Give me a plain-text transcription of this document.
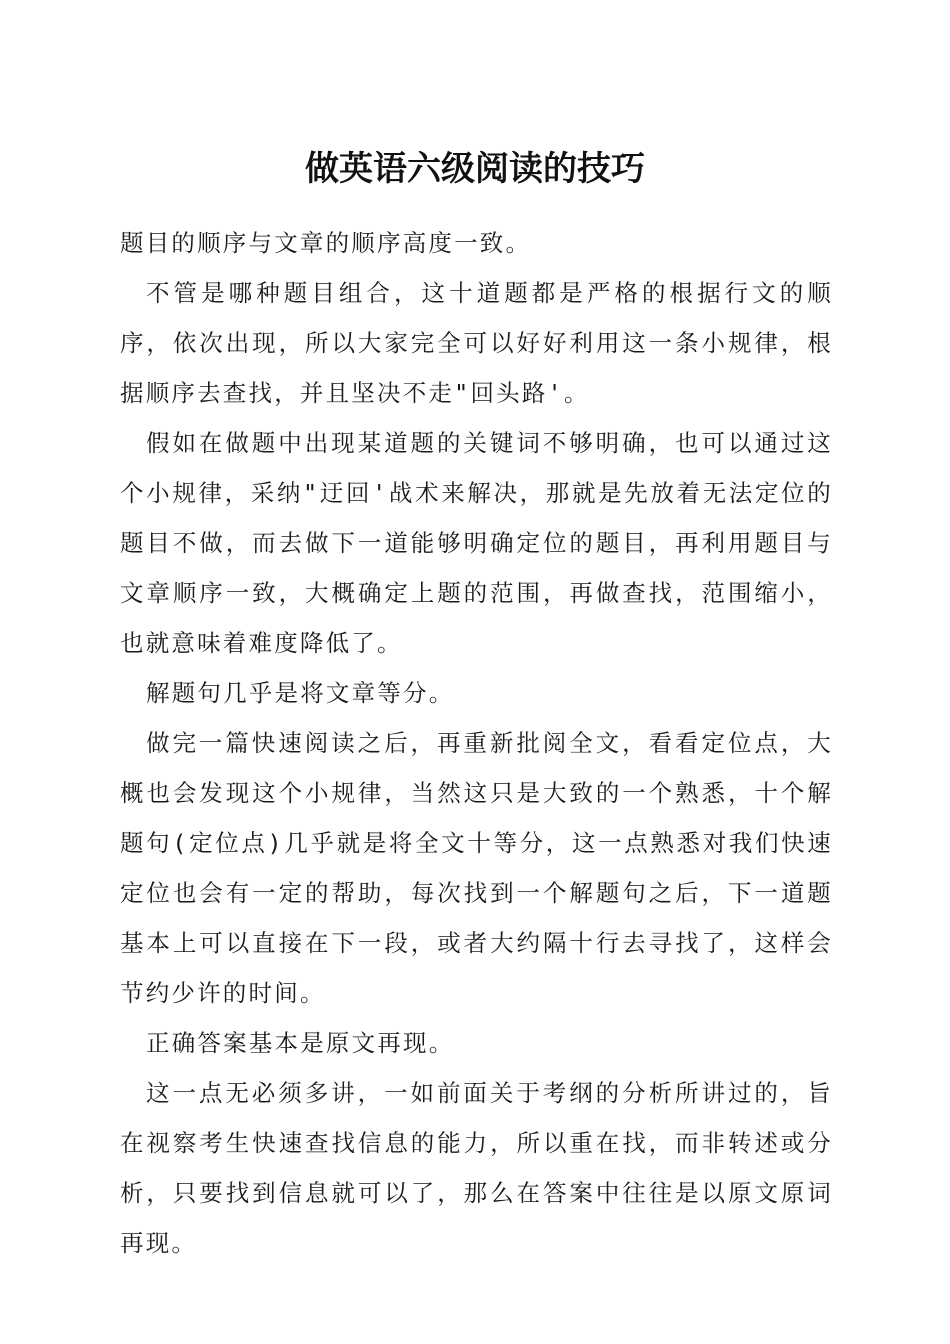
做英语六级阅读的技巧

题目的顺序与文章的顺序高度一致。

不管是哪种题目组合，这十道题都是严格的根据行文的顺序，依次出现，所以大家完全可以好好利用这一条小规律，根据顺序去查找，并且坚决不走"回头路'。

假如在做题中出现某道题的关键词不够明确，也可以通过这个小规律，采纳"迂回'战术来解决，那就是先放着无法定位的题目不做，而去做下一道能够明确定位的题目，再利用题目与文章顺序一致，大概确定上题的范围，再做查找，范围缩小，也就意味着难度降低了。

解题句几乎是将文章等分。

做完一篇快速阅读之后，再重新批阅全文，看看定位点，大概也会发现这个小规律，当然这只是大致的一个熟悉，十个解题句(定位点)几乎就是将全文十等分，这一点熟悉对我们快速定位也会有一定的帮助，每次找到一个解题句之后，下一道题基本上可以直接在下一段，或者大约隔十行去寻找了，这样会节约少许的时间。

正确答案基本是原文再现。

这一点无必须多讲，一如前面关于考纲的分析所讲过的，旨在视察考生快速查找信息的能力，所以重在找，而非转述或分析，只要找到信息就可以了，那么在答案中往往是以原文原词再现。
